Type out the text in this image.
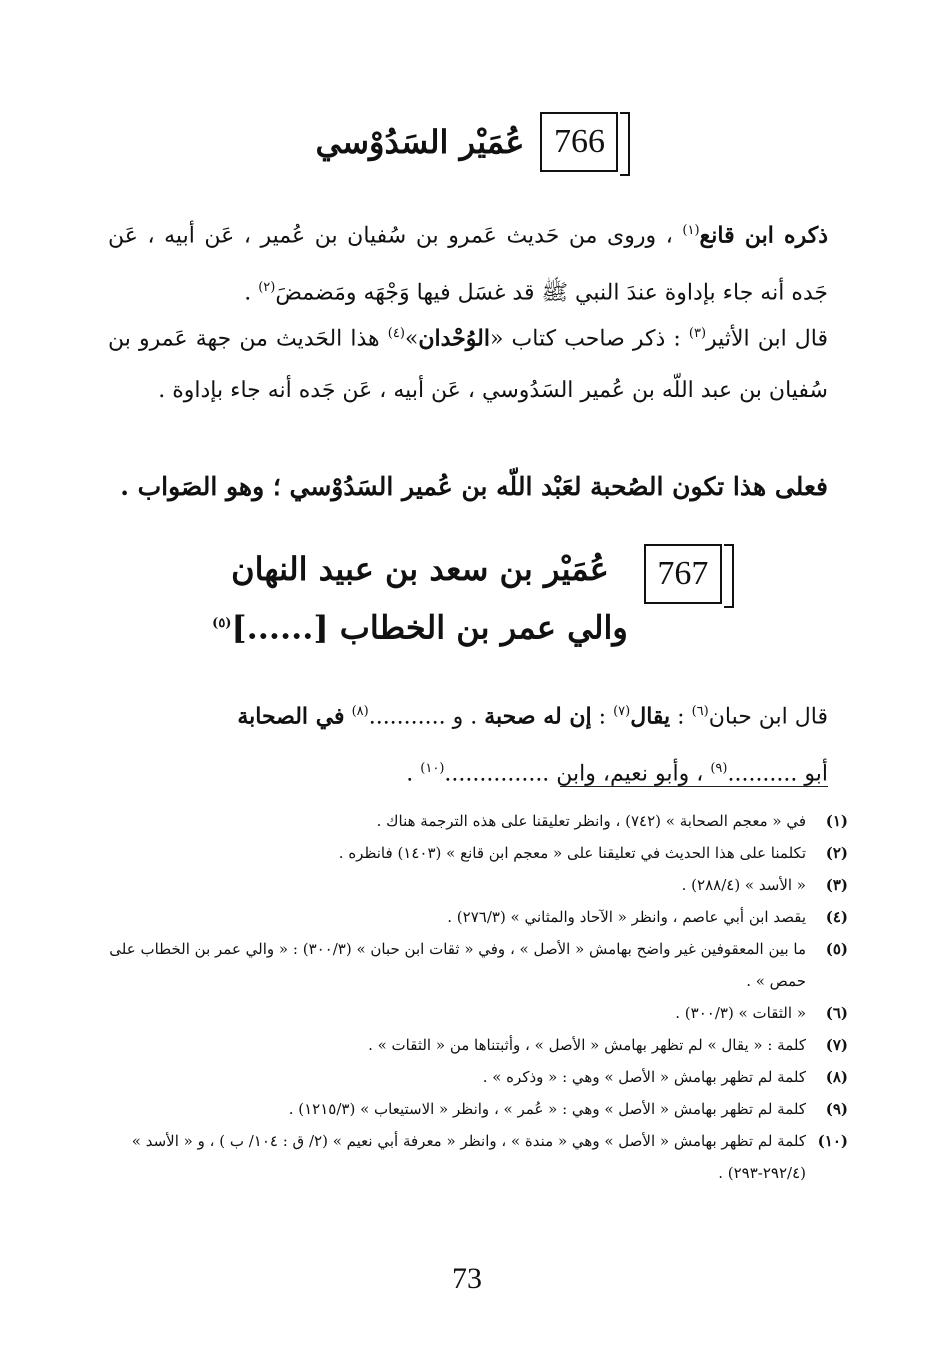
766
عُمَيْر السَدُوْسي
ذكره ابن قانع$^{(١)}$ ، وروى من حَديث عَمرو بن سُفيان بن عُمير ، عَن أبيه ، عَن جَده أنه جاء بإداوة عندَ النبي ﷺ قد غسَل فيها وَجْهَه ومَضمضَ$^{(٢)}$ .
قال ابن الأثير$^{(٣)}$ : ذكر صاحب كتاب «الوُحْدان»$^{(٤)}$ هذا الحَديث من جهة عَمرو بن سُفيان بن عبد اللّه بن عُمير السَدُوسي ، عَن أبيه ، عَن جَده أنه جاء بإداوة .
فعلى هذا تكون الصُحبة لعَبْد اللّه بن عُمير السَدُوْسي ؛ وهو الصَواب .
767
عُمَيْر بن سعد بن عبيد النهان
والي عمر بن الخطاب [......]$^{(٥)}$
قال ابن حبان$^{(٦)}$ : يقال$^{(٧)}$ : إن له صحبة . و ...........$^{(٨)}$ في الصحابة
أبو ..........$^{(٩)}$ ، وأبو نعيم، وابن ...............$^{(١٠)}$ .
(١)
في « معجم الصحابة » (٧٤٢) ، وانظر تعليقنا على هذه الترجمة هناك .
(٢)
تكلمنا على هذا الحديث في تعليقنا على « معجم ابن قانع » (١٤٠٣) فانظره .
(٣)
« الأسد » (٢٨٨/٤) .
(٤)
يقصد ابن أبي عاصم ، وانظر « الآحاد والمثاني » (٢٧٦/٣) .
(٥)
ما بين المعقوفين غير واضح بهامش « الأصل » ، وفي « ثقات ابن حبان » (٣٠٠/٣) : « والي عمر بن الخطاب على حمص » .
(٦)
« الثقات » (٣٠٠/٣) .
(٧)
كلمة : « يقال » لم تظهر بهامش « الأصل » ، وأثبتناها من « الثقات » .
(٨)
كلمة لم تظهر بهامش « الأصل » وهي : « وذكره » .
(٩)
كلمة لم تظهر بهامش « الأصل » وهي : « عُمر » ، وانظر « الاستيعاب » (١٢١٥/٣) .
(١٠)
كلمة لم تظهر بهامش « الأصل » وهي « مندة » ، وانظر « معرفة أبي نعيم » (٢/ ق : ١٠٤/ ب ) ، و « الأسد » (٢٩٢/٤-٢٩٣) .
73
